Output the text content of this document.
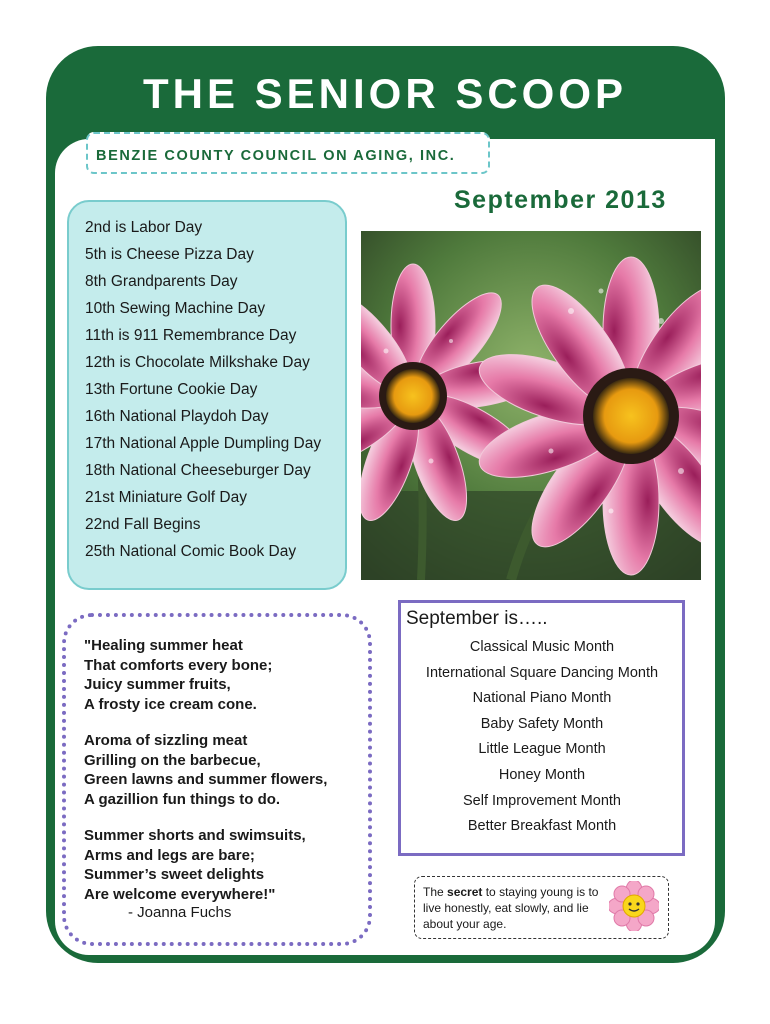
THE SENIOR SCOOP
BENZIE COUNTY COUNCIL ON AGING, INC.
September 2013
2nd is Labor Day
5th is Cheese Pizza Day
8th Grandparents Day
10th Sewing Machine Day
11th is 911 Remembrance Day
12th is Chocolate Milkshake Day
13th Fortune Cookie Day
16th National Playdoh Day
17th National Apple Dumpling Day
18th National Cheeseburger Day
21st Miniature Golf Day
22nd Fall Begins
25th National Comic Book Day
September is…..
Classical Music Month
International Square Dancing Month
National Piano Month
Baby Safety Month
Little League Month
Honey Month
Self Improvement Month
Better Breakfast Month

"Healing summer heat
That comforts every bone;
Juicy summer fruits,
A frosty ice cream cone.

Aroma of sizzling meat
Grilling on the barbecue,
Green lawns and summer flowers,
A gazillion fun things to do.

Summer shorts and swimsuits,
Arms and legs are bare;
Summer’s sweet delights
Are welcome everywhere!"

- Joanna Fuchs
The secret to staying young is to live honestly, eat slowly, and lie about your age.
